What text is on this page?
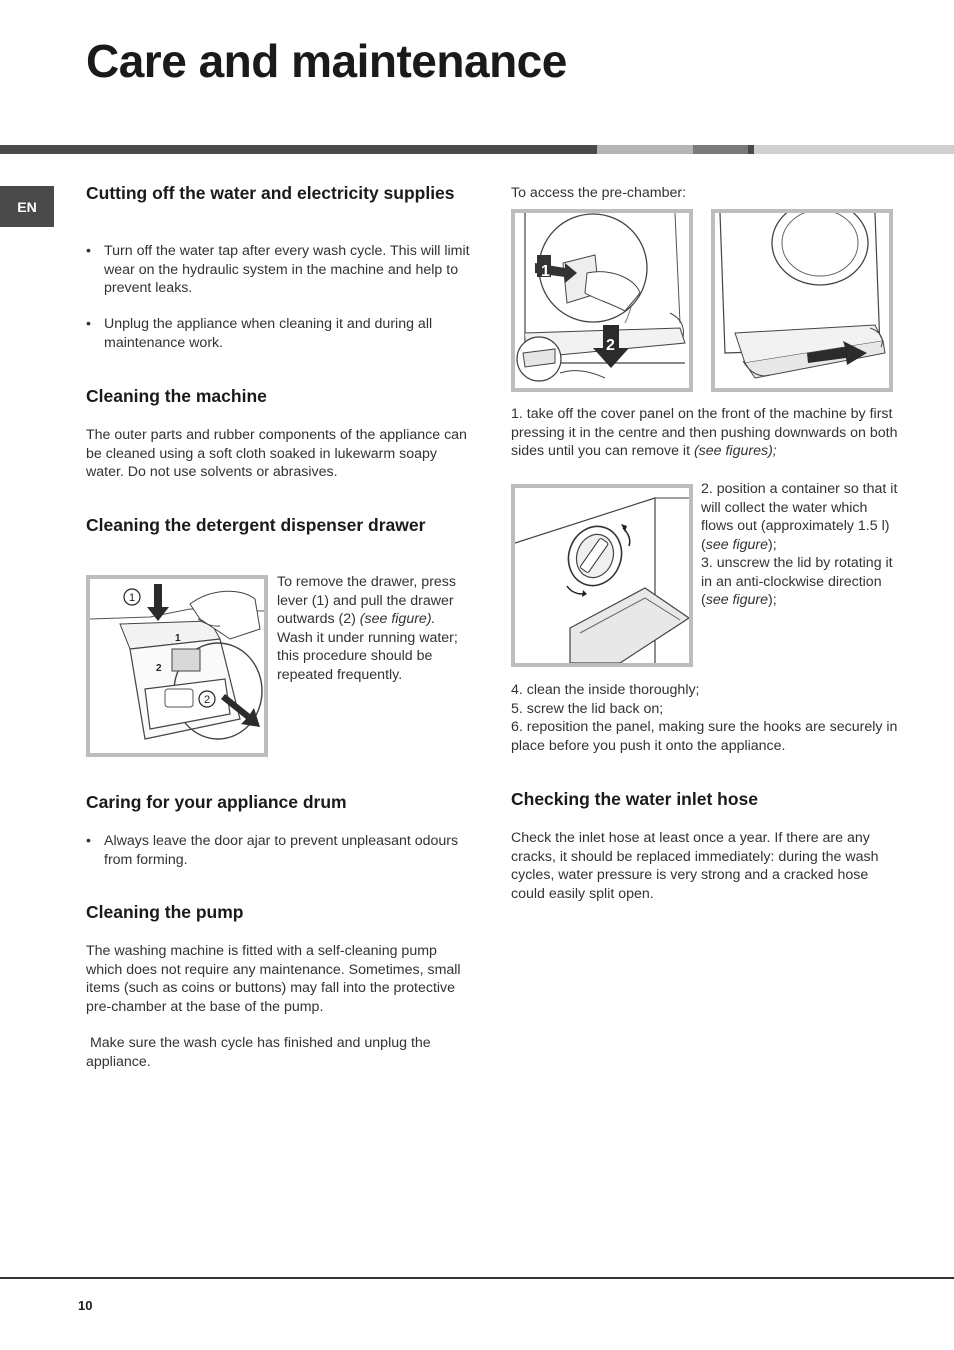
Care and maintenance
EN
Cutting off the water and electricity supplies

• Turn off the water tap after every wash cycle. This will limit wear on the hydraulic system in the machine and help to prevent leaks.

• Unplug the appliance when cleaning it and during all maintenance work.

Cleaning the machine

The outer parts and rubber components of the appliance can be cleaned using a soft cloth soaked in lukewarm soapy water. Do not use solvents or abrasives.

Cleaning the detergent dispenser drawer
1
2
1
2

To remove the drawer, press lever (1) and pull the drawer outwards (2) (see figure). Wash it under running water; this procedure should be repeated frequently.

Caring for your appliance drum

• Always leave the door ajar to prevent unpleasant odours from forming.

Cleaning the pump

The washing machine is fitted with a self-cleaning pump which does not require any maintenance. Sometimes, small items (such as coins or buttons) may fall into the protective pre-chamber at the base of the pump.

Make sure the wash cycle has finished and unplug the appliance.

To access the pre-chamber:

1
2

1. take off the cover panel on the front of the machine by first pressing it in the centre and then pushing downwards on both sides until you can remove it (see figures);

2. position a container so that it will collect the water which flows out (approximately 1.5 l) (see figure);
3. unscrew the lid by rotating it in an anti-clockwise direction (see figure);

4. clean the inside thoroughly;
5. screw the lid back on;
6. reposition the panel, making sure the hooks are securely in place before you push it onto the appliance.

Checking the water inlet hose

Check the inlet hose at least once a year. If there are any cracks, it should be replaced immediately: during the wash cycles, water pressure is very strong and a cracked hose could easily split open.

10
